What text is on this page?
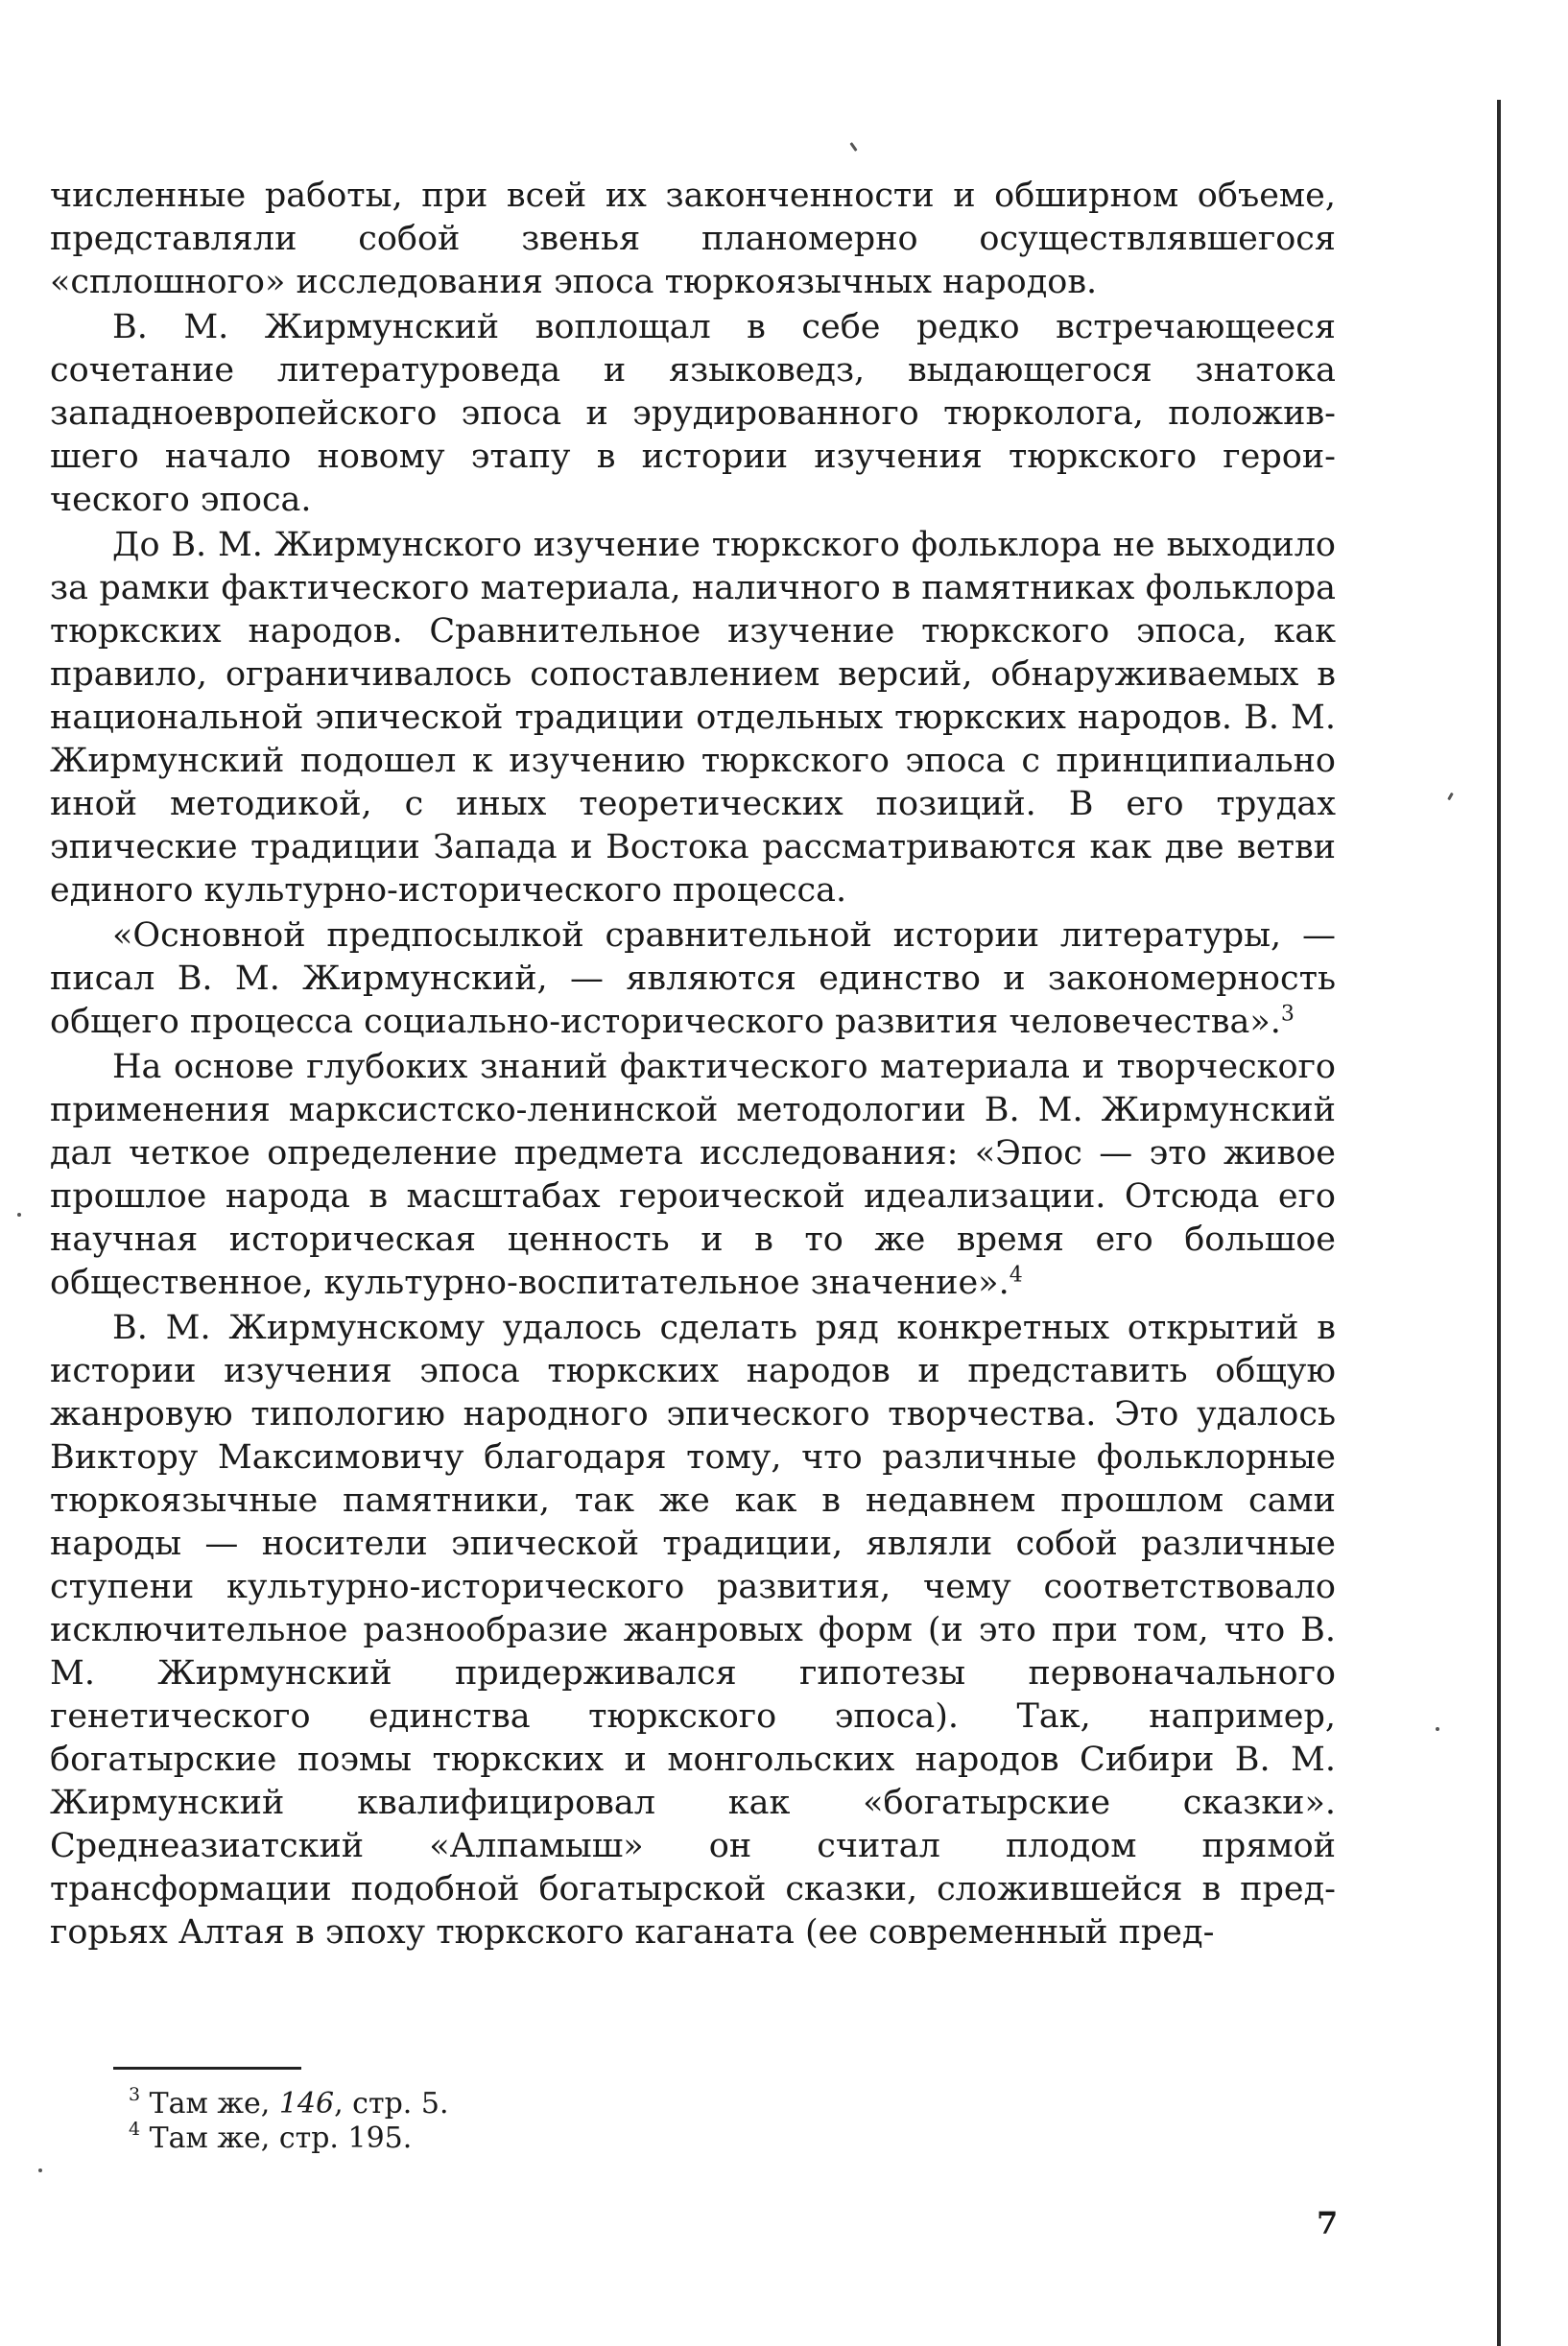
численные работы, при всей их законченности и обширном объеме, представляли собой звенья планомерно осуществлявшегося «сплошного» исследования эпоса тюркоязычных народов.

В. М. Жирмунский воплощал в себе редко встречающееся сочетание литературоведа и языковедз, выдающегося знатока западноевропейского эпоса и эрудированного тюрколога, положившего начало новому этапу в истории изучения тюркского героического эпоса.

До В. М. Жирмунского изучение тюркского фольклора не выходило за рамки фактического материала, наличного в памятниках фольклора тюркских народов. Сравнительное изучение тюркского эпоса, как правило, ограничивалось сопоставлением версий, обнаруживаемых в национальной эпической традиции отдельных тюркских народов. В. М. Жирмунский подошел к изучению тюркского эпоса с принципиально иной методикой, с иных теоретических позиций. В его трудах эпические традиции Запада и Востока рассматриваются как две ветви единого культурно-исторического процесса.

«Основной предпосылкой сравнительной истории литературы, — писал В. М. Жирмунский, — являются единство и закономерность общего процесса социально-исторического развития человечества».$^3$

На основе глубоких знаний фактического материала и творческого применения марксистско-ленинской методологии В. М. Жирмунский дал четкое определение предмета исследования: «Эпос — это живое прошлое народа в масштабах героической идеализации. Отсюда его научная историческая ценность и в то же время его большое общественное, культурно-воспитательное значение».$^4$

В. М. Жирмунскому удалось сделать ряд конкретных открытий в истории изучения эпоса тюркских народов и представить общую жанровую типологию народного эпического творчества. Это удалось Виктору Максимовичу благодаря тому, что различные фольклорные тюркоязычные памятники, так же как в недавнем прошлом сами народы — носители эпической традиции, являли собой различные ступени культурно-исторического развития, чему соответствовало исключительное разнообразие жанровых форм (и это при том, что В. М. Жирмунский придерживался гипотезы первоначального генетического единства тюркского эпоса). Так, например, богатырские поэмы тюркских и монгольских народов Сибири В. М. Жирмунский квалифицировал как «богатырские сказки». Среднеазиатский «Алпамыш» он считал плодом прямой трансформации подобной богатырской сказки, сложившейся в предгорьях Алтая в эпоху тюркского каганата (ее современный пред-

$^3$ Там же, 146, стр. 5.
$^4$ Там же, стр. 195.
7
